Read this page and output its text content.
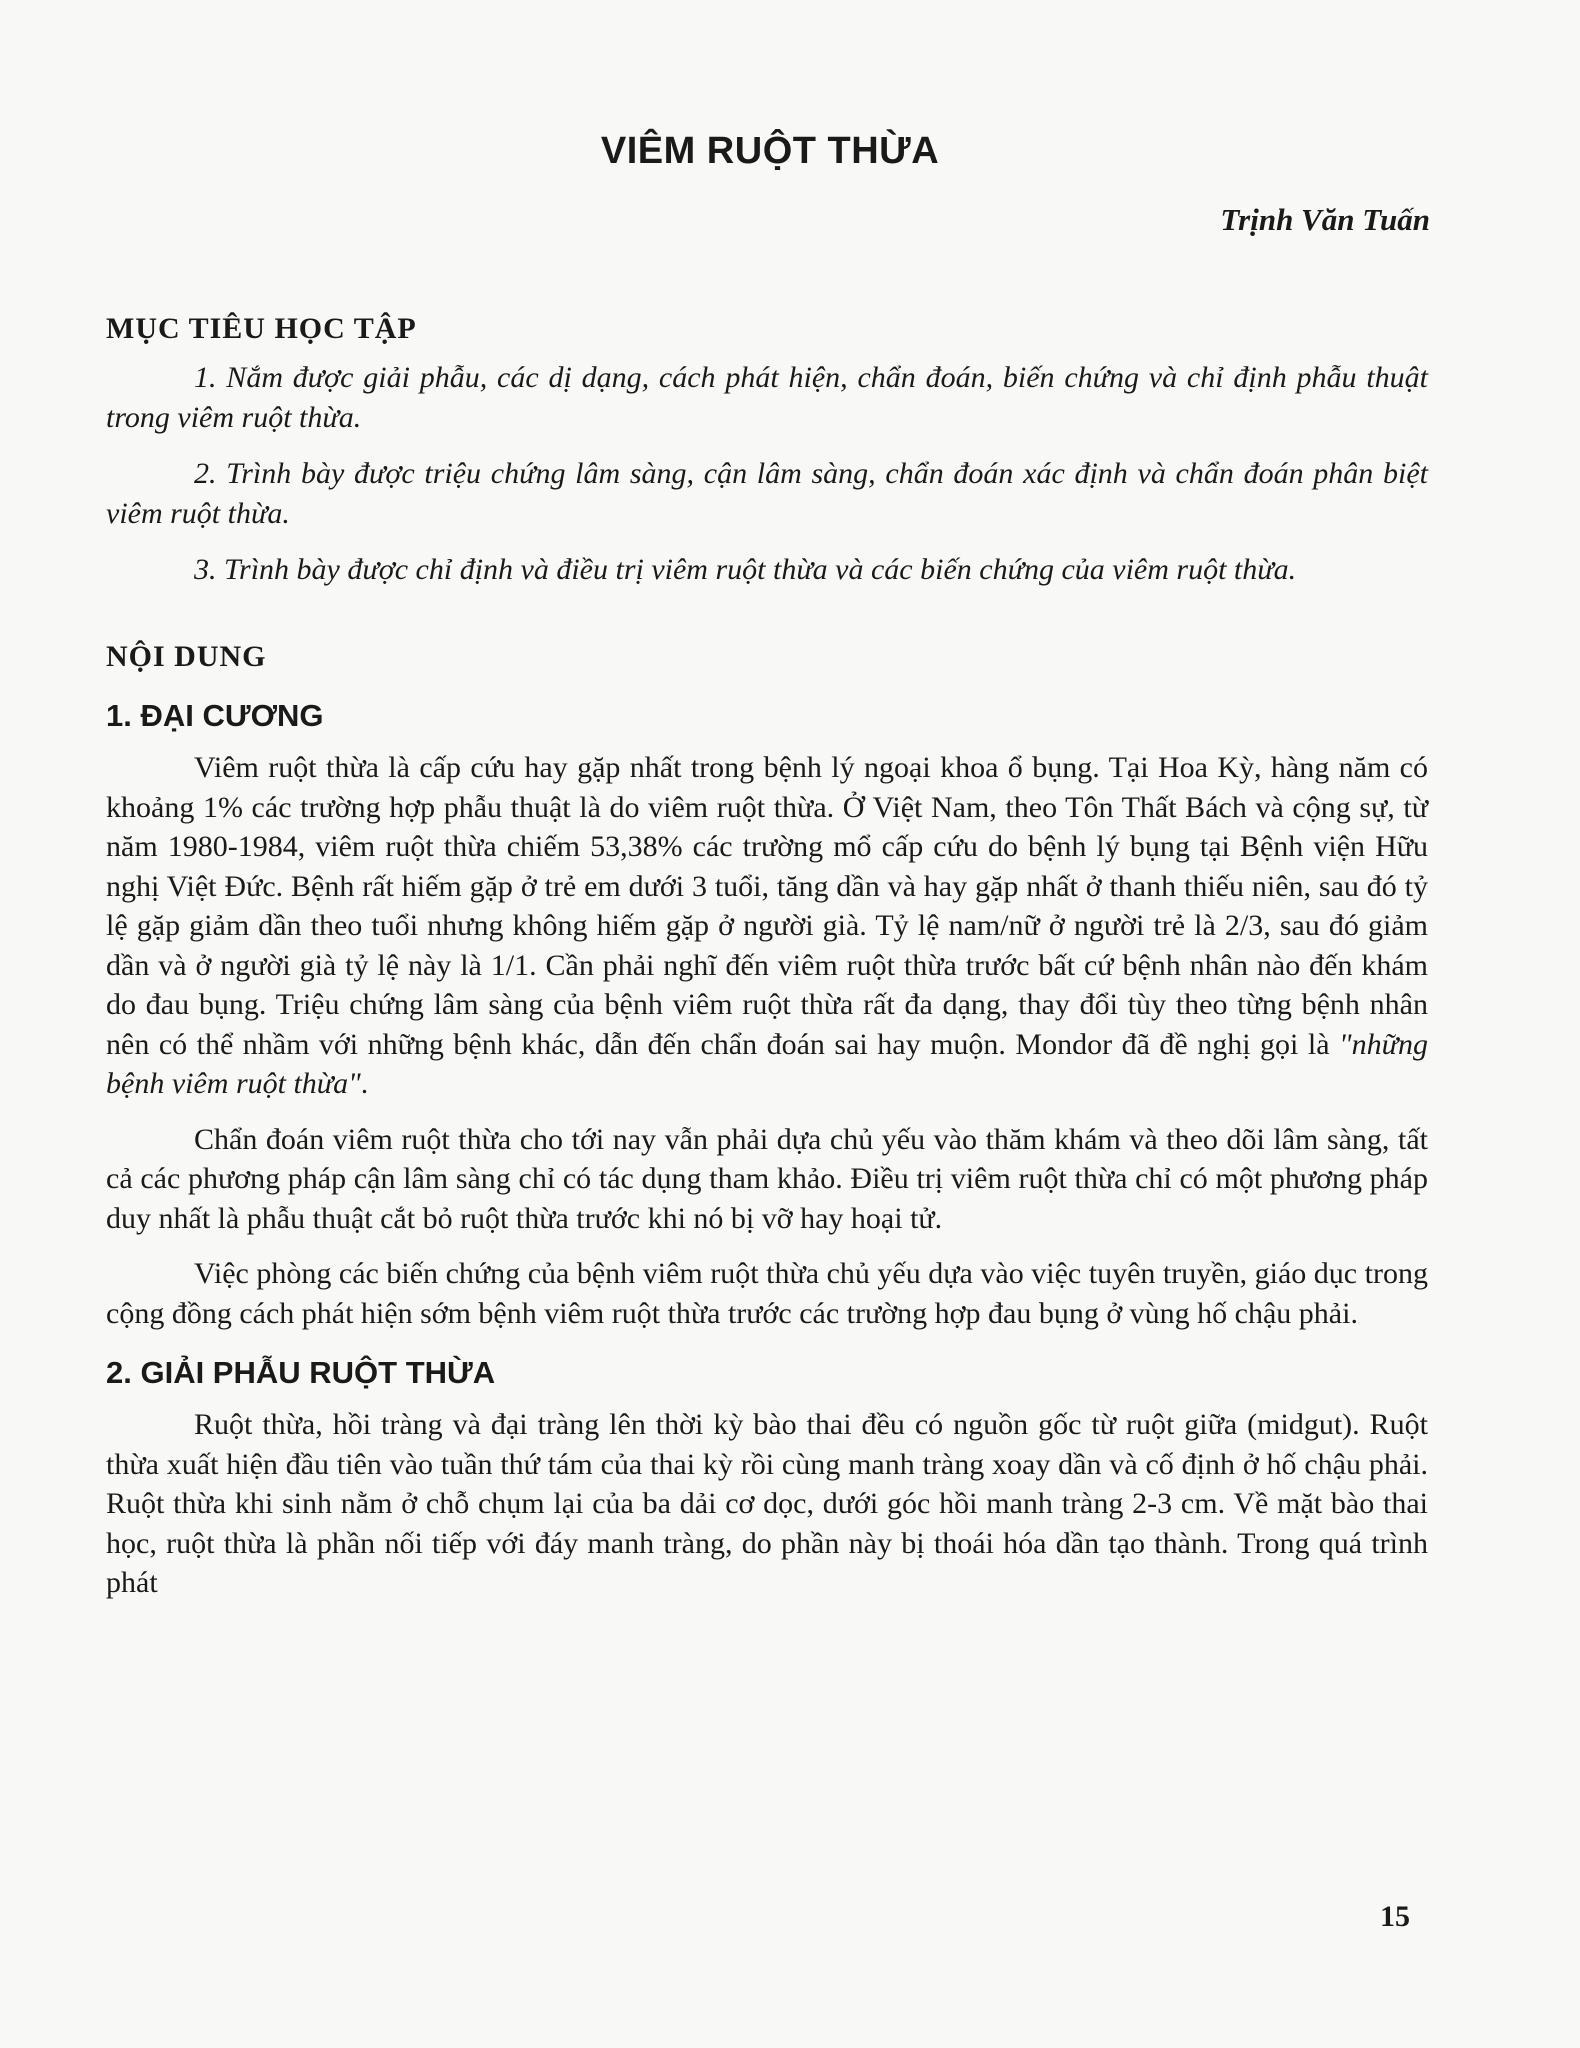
VIÊM RUỘT THỪA
Trịnh Văn Tuấn
MỤC TIÊU HỌC TẬP

1. Nắm được giải phẫu, các dị dạng, cách phát hiện, chẩn đoán, biến chứng và chỉ định phẫu thuật trong viêm ruột thừa.

2. Trình bày được triệu chứng lâm sàng, cận lâm sàng, chẩn đoán xác định và chẩn đoán phân biệt viêm ruột thừa.

3. Trình bày được chỉ định và điều trị viêm ruột thừa và các biến chứng của viêm ruột thừa.

NỘI DUNG
1. ĐẠI CƯƠNG

Viêm ruột thừa là cấp cứu hay gặp nhất trong bệnh lý ngoại khoa ổ bụng. Tại Hoa Kỳ, hàng năm có khoảng 1% các trường hợp phẫu thuật là do viêm ruột thừa. Ở Việt Nam, theo Tôn Thất Bách và cộng sự, từ năm 1980-1984, viêm ruột thừa chiếm 53,38% các trường mổ cấp cứu do bệnh lý bụng tại Bệnh viện Hữu nghị Việt Đức. Bệnh rất hiếm gặp ở trẻ em dưới 3 tuổi, tăng dần và hay gặp nhất ở thanh thiếu niên, sau đó tỷ lệ gặp giảm dần theo tuổi nhưng không hiếm gặp ở người già. Tỷ lệ nam/nữ ở người trẻ là 2/3, sau đó giảm dần và ở người già tỷ lệ này là 1/1. Cần phải nghĩ đến viêm ruột thừa trước bất cứ bệnh nhân nào đến khám do đau bụng. Triệu chứng lâm sàng của bệnh viêm ruột thừa rất đa dạng, thay đổi tùy theo từng bệnh nhân nên có thể nhầm với những bệnh khác, dẫn đến chẩn đoán sai hay muộn. Mondor đã đề nghị gọi là "những bệnh viêm ruột thừa".

Chẩn đoán viêm ruột thừa cho tới nay vẫn phải dựa chủ yếu vào thăm khám và theo dõi lâm sàng, tất cả các phương pháp cận lâm sàng chỉ có tác dụng tham khảo. Điều trị viêm ruột thừa chỉ có một phương pháp duy nhất là phẫu thuật cắt bỏ ruột thừa trước khi nó bị vỡ hay hoại tử.

Việc phòng các biến chứng của bệnh viêm ruột thừa chủ yếu dựa vào việc tuyên truyền, giáo dục trong cộng đồng cách phát hiện sớm bệnh viêm ruột thừa trước các trường hợp đau bụng ở vùng hố chậu phải.

2. GIẢI PHẪU RUỘT THỪA

Ruột thừa, hồi tràng và đại tràng lên thời kỳ bào thai đều có nguồn gốc từ ruột giữa (midgut). Ruột thừa xuất hiện đầu tiên vào tuần thứ tám của thai kỳ rồi cùng manh tràng xoay dần và cố định ở hố chậu phải. Ruột thừa khi sinh nằm ở chỗ chụm lại của ba dải cơ dọc, dưới góc hồi manh tràng 2-3 cm. Về mặt bào thai học, ruột thừa là phần nối tiếp với đáy manh tràng, do phần này bị thoái hóa dần tạo thành. Trong quá trình phát

15
